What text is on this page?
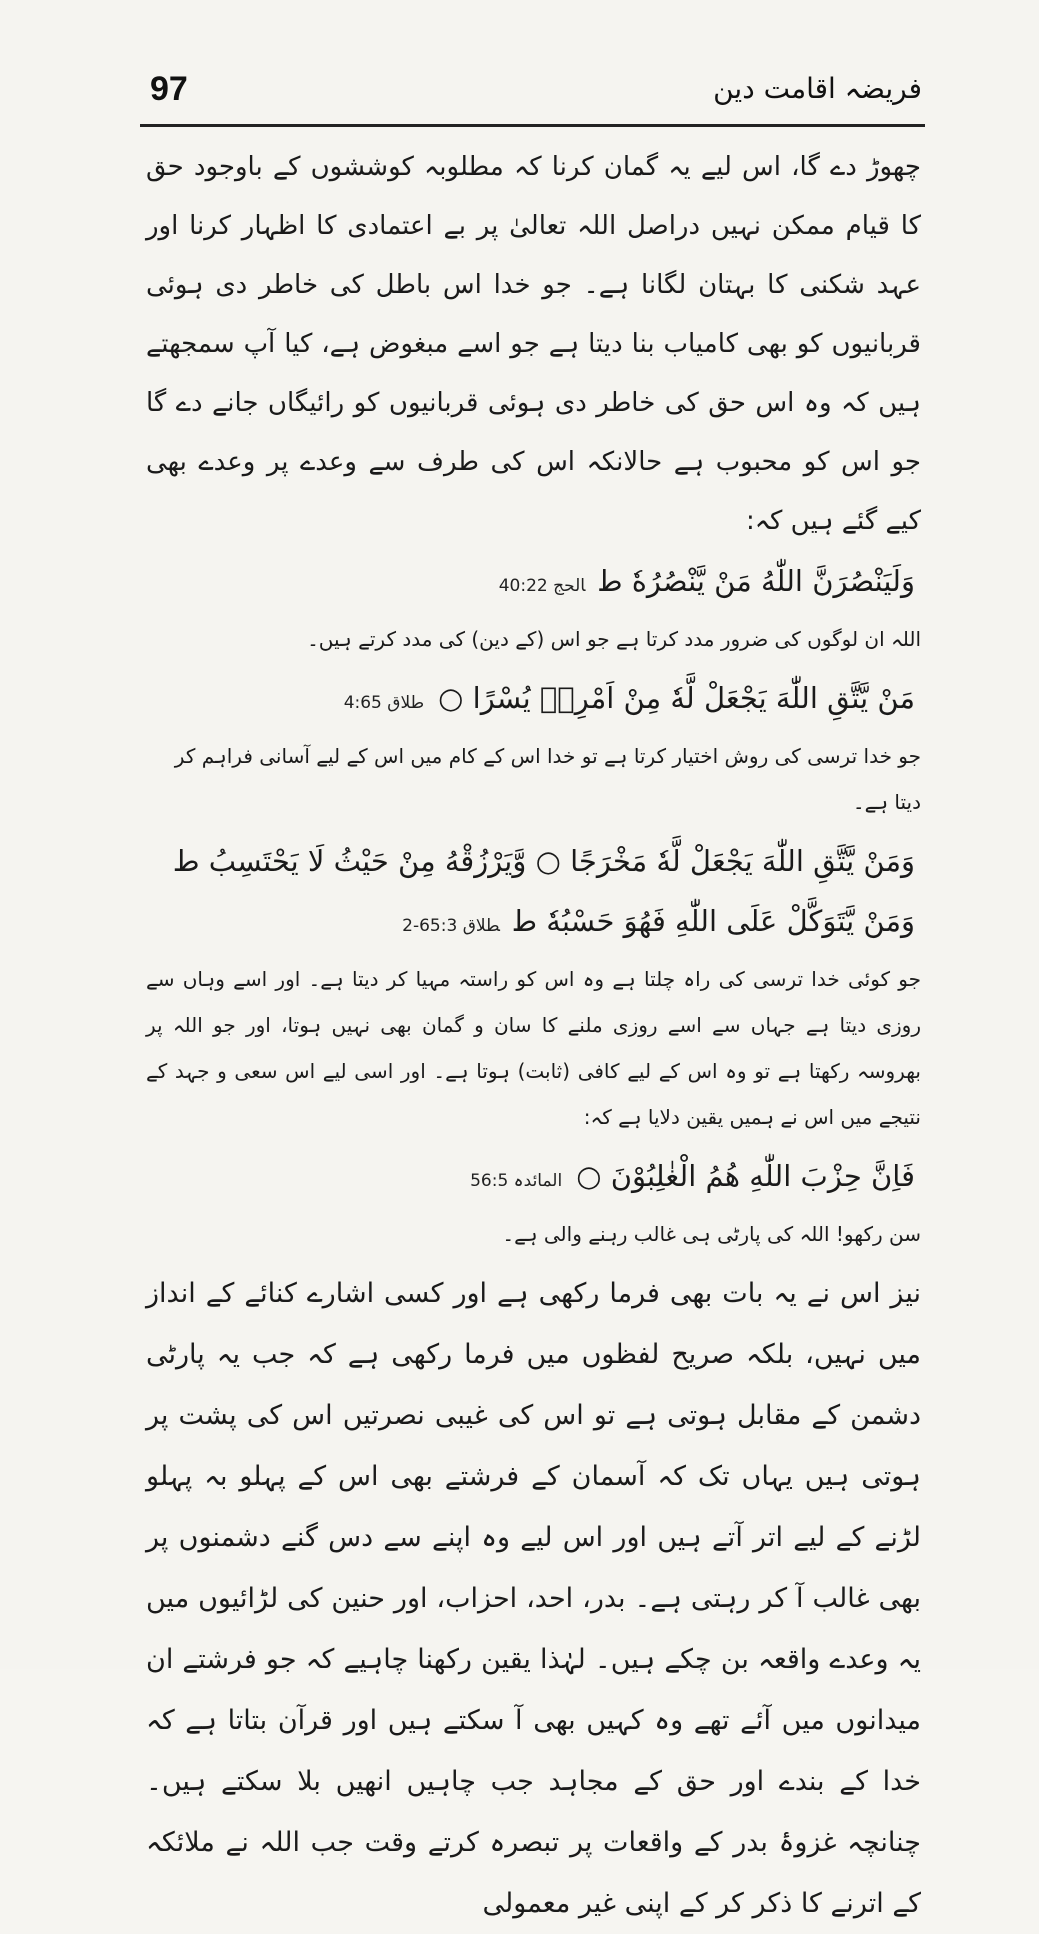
97	فریضہ اقامت دین

چھوڑ دے گا، اس لیے یہ گمان کرنا کہ مطلوبہ کوششوں کے باوجود حق کا قیام ممکن نہیں دراصل اللہ تعالیٰ پر بے اعتمادی کا اظہار کرنا اور عہد شکنی کا بہتان لگانا ہے۔ جو خدا اس باطل کی خاطر دی ہوئی قربانیوں کو بھی کامیاب بنا دیتا ہے جو اسے مبغوض ہے، کیا آپ سمجھتے ہیں کہ وہ اس حق کی خاطر دی ہوئی قربانیوں کو رائیگاں جانے دے گا جو اس کو محبوب ہے حالانکہ اس کی طرف سے وعدے پر وعدے بھی کیے گئے ہیں کہ:

وَلَيَنْصُرَنَّ اللّٰهُ مَنْ يَّنْصُرُهٗ طالحج 40:22

اللہ ان لوگوں کی ضرور مدد کرتا ہے جو اس (کے دین) کی مدد کرتے ہیں۔

مَنْ يَّتَّقِ اللّٰهَ يَجْعَلْ لَّهٗ مِنْ اَمْرِهٖ يُسْرًا ○طلاق 4:65

جو خدا ترسی کی روش اختیار کرتا ہے تو خدا اس کے کام میں اس کے لیے آسانی فراہم کر دیتا ہے۔

وَمَنْ يَّتَّقِ اللّٰهَ يَجْعَلْ لَّهٗ مَخْرَجًا ○ وَّيَرْزُقْهُ مِنْ حَيْثُ لَا يَحْتَسِبُ ط وَمَنْ يَّتَوَكَّلْ عَلَى اللّٰهِ فَهُوَ حَسْبُهٗ ططلاق 65:3-2

جو کوئی خدا ترسی کی راہ چلتا ہے وہ اس کو راستہ مہیا کر دیتا ہے۔ اور اسے وہاں سے روزی دیتا ہے جہاں سے اسے روزی ملنے کا سان و گمان بھی نہیں ہوتا، اور جو اللہ پر بھروسہ رکھتا ہے تو وہ اس کے لیے کافی (ثابت) ہوتا ہے۔ اور اسی لیے اس سعی و جہد کے نتیجے میں اس نے ہمیں یقین دلایا ہے کہ:

فَاِنَّ حِزْبَ اللّٰهِ هُمُ الْغٰلِبُوْنَ ○المائدہ 56:5

سن رکھو! اللہ کی پارٹی ہی غالب رہنے والی ہے۔

نیز اس نے یہ بات بھی فرما رکھی ہے اور کسی اشارے کنائے کے انداز میں نہیں، بلکہ صریح لفظوں میں فرما رکھی ہے کہ جب یہ پارٹی دشمن کے مقابل ہوتی ہے تو اس کی غیبی نصرتیں اس کی پشت پر ہوتی ہیں یہاں تک کہ آسمان کے فرشتے بھی اس کے پہلو بہ پہلو لڑنے کے لیے اتر آتے ہیں اور اس لیے وہ اپنے سے دس گنے دشمنوں پر بھی غالب آ کر رہتی ہے۔ بدر، احد، احزاب، اور حنین کی لڑائیوں میں یہ وعدے واقعہ بن چکے ہیں۔ لہٰذا یقین رکھنا چاہیے کہ جو فرشتے ان میدانوں میں آئے تھے وہ کہیں بھی آ سکتے ہیں اور قرآن بتاتا ہے کہ خدا کے بندے اور حق کے مجاہد جب چاہیں انھیں بلا سکتے ہیں۔ چنانچہ غزوۂ بدر کے واقعات پر تبصرہ کرتے وقت جب اللہ نے ملائکہ کے اترنے کا ذکر کر کے اپنی غیر معمولی
